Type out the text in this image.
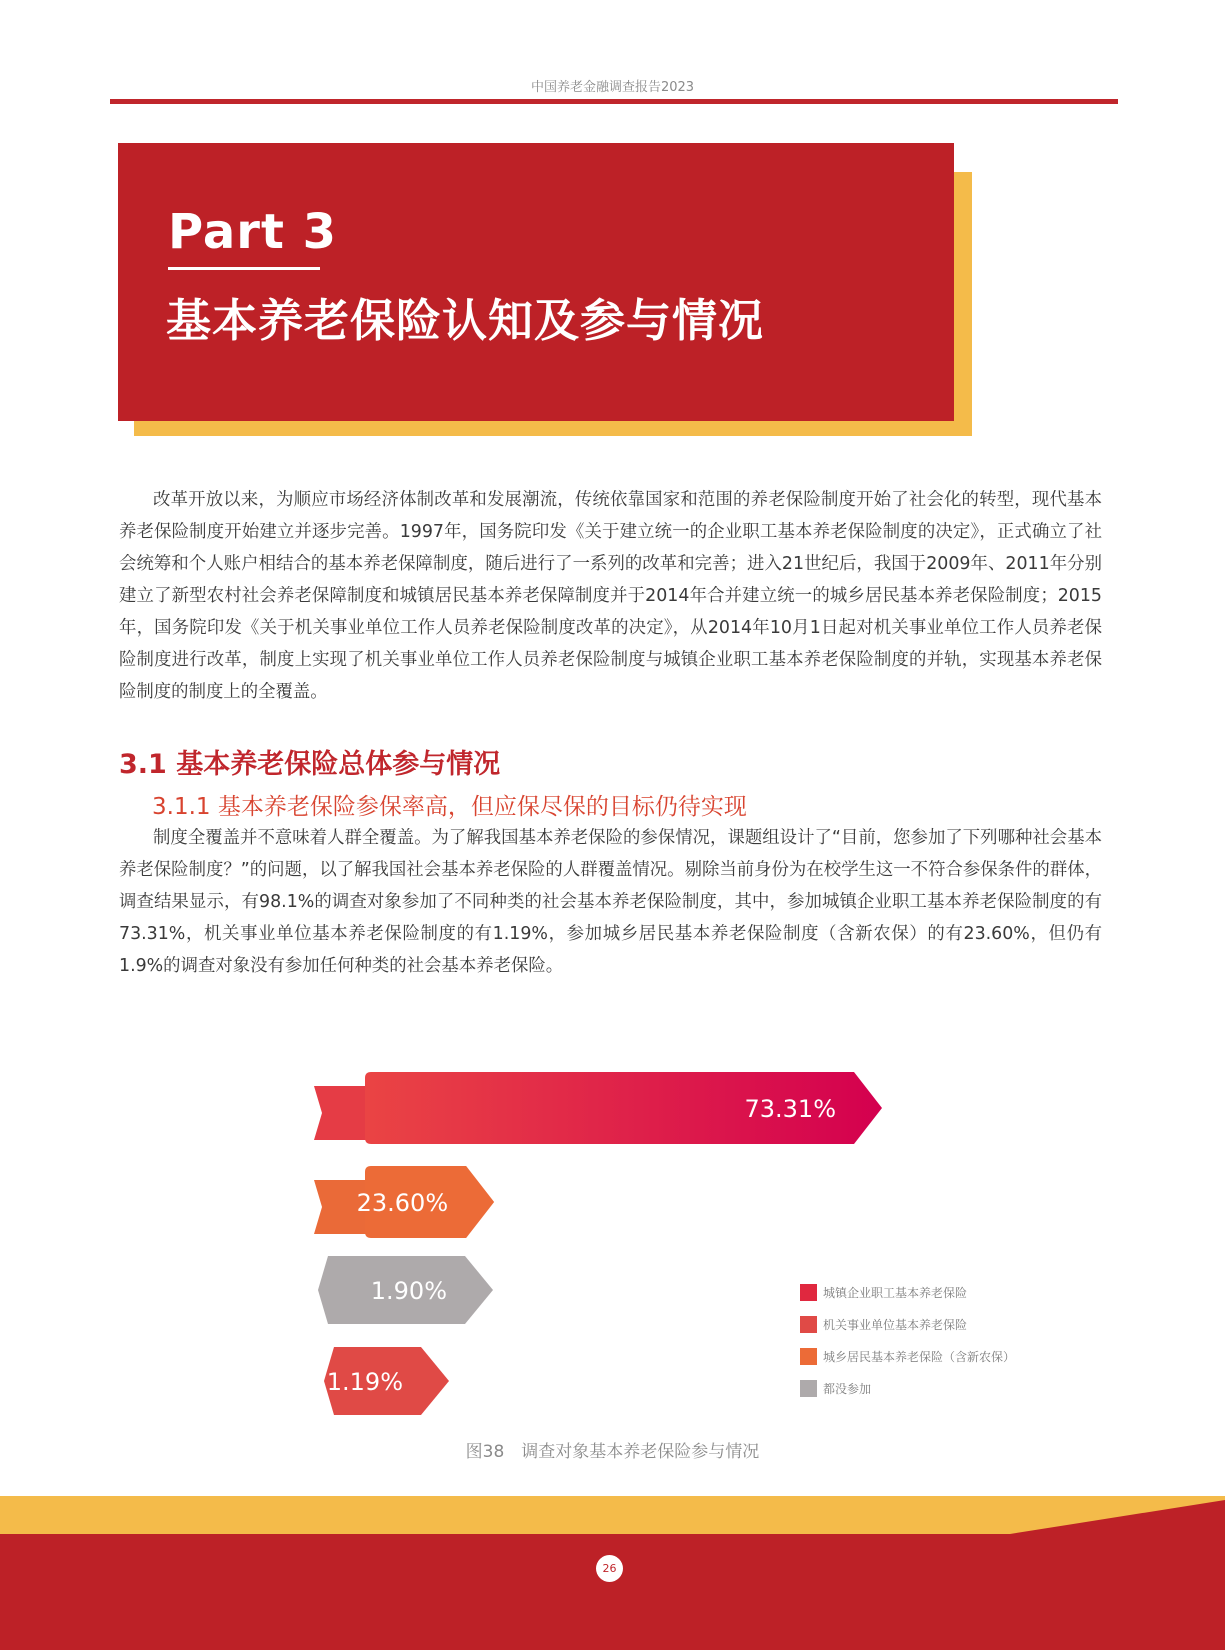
中国养老金融调查报告2023
Part 3
基本养老保险认知及参与情况

改革开放以来，为顺应市场经济体制改革和发展潮流，传统依靠国家和范围的养老保险制度开始了社会化的转型，现代基本养老保险制度开始建立并逐步完善。1997年，国务院印发《关于建立统一的企业职工基本养老保险制度的决定》，正式确立了社会统筹和个人账户相结合的基本养老保障制度，随后进行了一系列的改革和完善；进入21世纪后，我国于2009年、2011年分别建立了新型农村社会养老保障制度和城镇居民基本养老保障制度并于2014年合并建立统一的城乡居民基本养老保险制度；2015年，国务院印发《关于机关事业单位工作人员养老保险制度改革的决定》，从2014年10月1日起对机关事业单位工作人员养老保险制度进行改革，制度上实现了机关事业单位工作人员养老保险制度与城镇企业职工基本养老保险制度的并轨，实现基本养老保险制度的制度上的全覆盖。

3.1 基本养老保险总体参与情况
3.1.1 基本养老保险参保率高，但应保尽保的目标仍待实现

制度全覆盖并不意味着人群全覆盖。为了解我国基本养老保险的参保情况，课题组设计了“目前，您参加了下列哪种社会基本养老保险制度？”的问题，以了解我国社会基本养老保险的人群覆盖情况。剔除当前身份为在校学生这一不符合参保条件的群体，调查结果显示，有98.1%的调查对象参加了不同种类的社会基本养老保险制度，其中，参加城镇企业职工基本养老保险制度的有73.31%，机关事业单位基本养老保险制度的有1.19%，参加城乡居民基本养老保险制度（含新农保）的有23.60%，但仍有1.9%的调查对象没有参加任何种类的社会基本养老保险。

73.31%
23.60%
1.90%
1.19%
城镇企业职工基本养老保险
机关事业单位基本养老保险
城乡居民基本养老保险（含新农保）
都没参加
图38　调查对象基本养老保险参与情况
26
